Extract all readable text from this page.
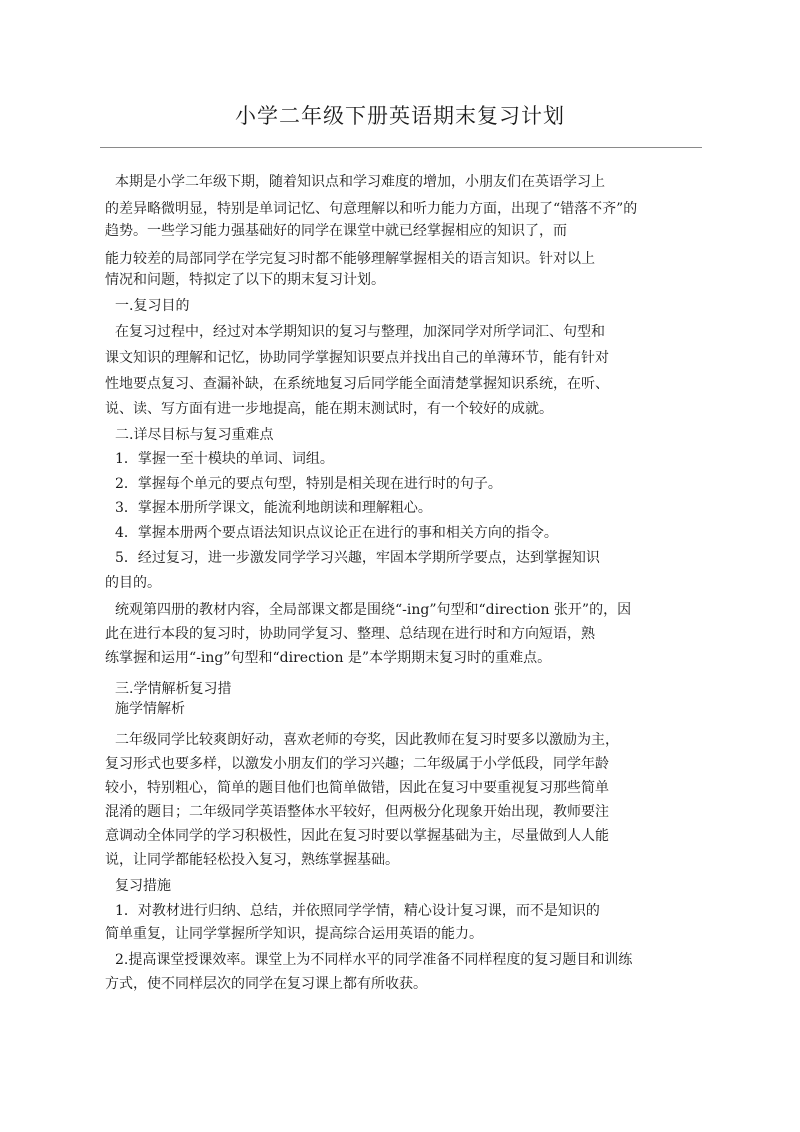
小学二年级下册英语期末复习计划
本期是小学二年级下期，随着知识点和学习难度的增加，小朋友们在英语学习上
的差异略微明显，特别是单词记忆、句意理解以和听力能力方面，出现了“错落不齐”的
趋势。一些学习能力强基础好的同学在课堂中就已经掌握相应的知识了，而
能力较差的局部同学在学完复习时都不能够理解掌握相关的语言知识。针对以上
情况和问题，特拟定了以下的期末复习计划。
一.复习目的
在复习过程中，经过对本学期知识的复习与整理，加深同学对所学词汇、句型和
课文知识的理解和记忆，协助同学掌握知识要点并找出自己的单薄环节，能有针对
性地要点复习、查漏补缺，在系统地复习后同学能全面清楚掌握知识系统，在听、
说、读、写方面有进一步地提高，能在期末测试时，有一个较好的成就。
二.详尽目标与复习重难点
1．掌握一至十模块的单词、词组。
2．掌握每个单元的要点句型，特别是相关现在进行时的句子。
3．掌握本册所学课文，能流利地朗读和理解粗心。
4．掌握本册两个要点语法知识点议论正在进行的事和相关方向的指令。
5．经过复习，进一步激发同学学习兴趣，牢固本学期所学要点，达到掌握知识
的目的。
统观第四册的教材内容，全局部课文都是围绕“-ing”句型和“direction 张开”的，因
此在进行本段的复习时，协助同学复习、整理、总结现在进行时和方向短语，熟
练掌握和运用“-ing”句型和“direction 是”本学期期末复习时的重难点。
三.学情解析复习措
施学情解析
二年级同学比较爽朗好动，喜欢老师的夸奖，因此教师在复习时要多以激励为主，
复习形式也要多样，以激发小朋友们的学习兴趣；二年级属于小学低段，同学年龄
较小，特别粗心，简单的题目他们也简单做错，因此在复习中要重视复习那些简单
混淆的题目；二年级同学英语整体水平较好，但两极分化现象开始出现，教师要注
意调动全体同学的学习积极性，因此在复习时要以掌握基础为主，尽量做到人人能
说，让同学都能轻松投入复习，熟练掌握基础。
复习措施
1．对教材进行归纳、总结，并依照同学学情，精心设计复习课，而不是知识的
简单重复，让同学掌握所学知识，提高综合运用英语的能力。
2.提高课堂授课效率。课堂上为不同样水平的同学准备不同样程度的复习题目和训练
方式，使不同样层次的同学在复习课上都有所收获。
